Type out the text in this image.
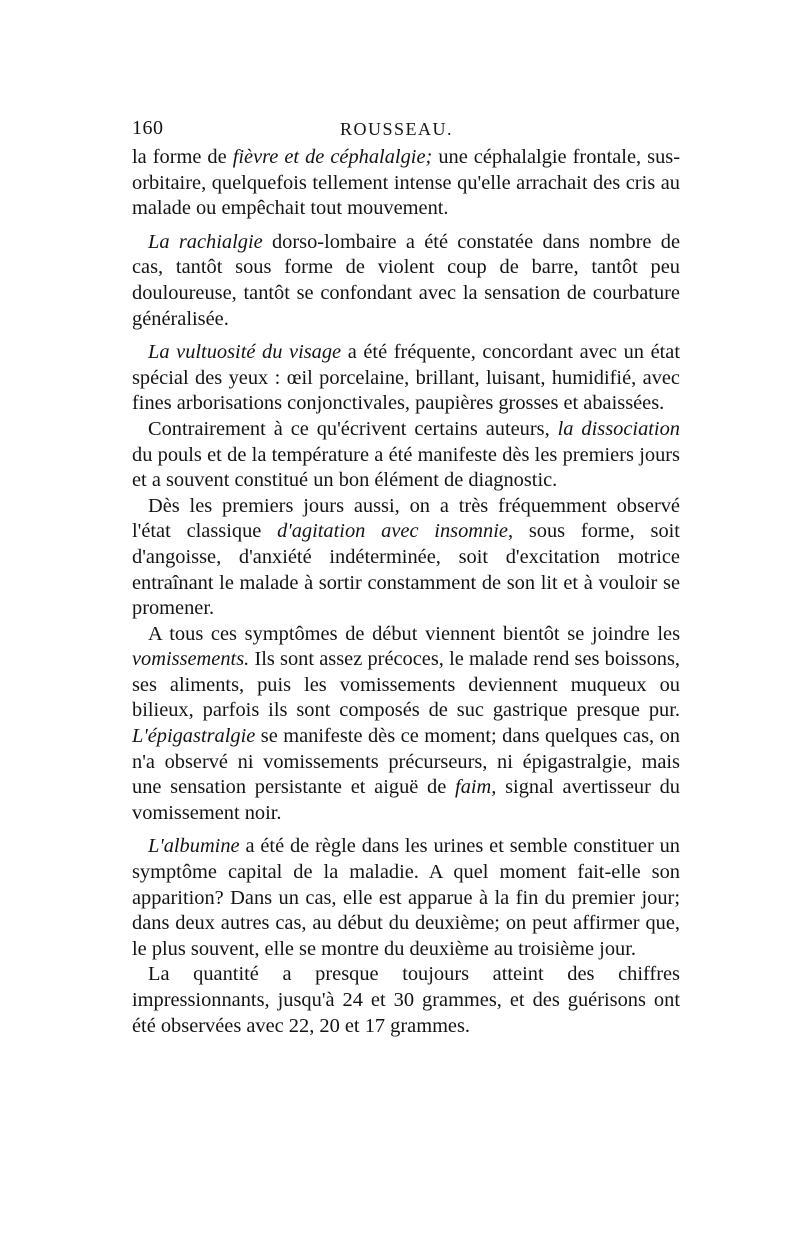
160	ROUSSEAU.

la forme de fièvre et de céphalalgie; une céphalalgie frontale, sus-orbitaire, quelquefois tellement intense qu'elle arrachait des cris au malade ou empêchait tout mouvement.

La rachialgie dorso-lombaire a été constatée dans nombre de cas, tantôt sous forme de violent coup de barre, tantôt peu douloureuse, tantôt se confondant avec la sensation de courbature généralisée.

La vultuosité du visage a été fréquente, concordant avec un état spécial des yeux : œil porcelaine, brillant, luisant, humidifié, avec fines arborisations conjonctivales, paupières grosses et abaissées.

Contrairement à ce qu'écrivent certains auteurs, la dissociation du pouls et de la température a été manifeste dès les premiers jours et a souvent constitué un bon élément de diagnostic.

Dès les premiers jours aussi, on a très fréquemment observé l'état classique d'agitation avec insomnie, sous forme, soit d'angoisse, d'anxiété indéterminée, soit d'excitation motrice entraînant le malade à sortir constamment de son lit et à vouloir se promener.

A tous ces symptômes de début viennent bientôt se joindre les vomissements. Ils sont assez précoces, le malade rend ses boissons, ses aliments, puis les vomissements deviennent muqueux ou bilieux, parfois ils sont composés de suc gastrique presque pur. L'épigastralgie se manifeste dès ce moment; dans quelques cas, on n'a observé ni vomissements précurseurs, ni épigastralgie, mais une sensation persistante et aiguë de faim, signal avertisseur du vomissement noir.

L'albumine a été de règle dans les urines et semble constituer un symptôme capital de la maladie. A quel moment fait-elle son apparition? Dans un cas, elle est apparue à la fin du premier jour; dans deux autres cas, au début du deuxième; on peut affirmer que, le plus souvent, elle se montre du deuxième au troisième jour.

La quantité a presque toujours atteint des chiffres impressionnants, jusqu'à 24 et 30 grammes, et des guérisons ont été observées avec 22, 20 et 17 grammes.
